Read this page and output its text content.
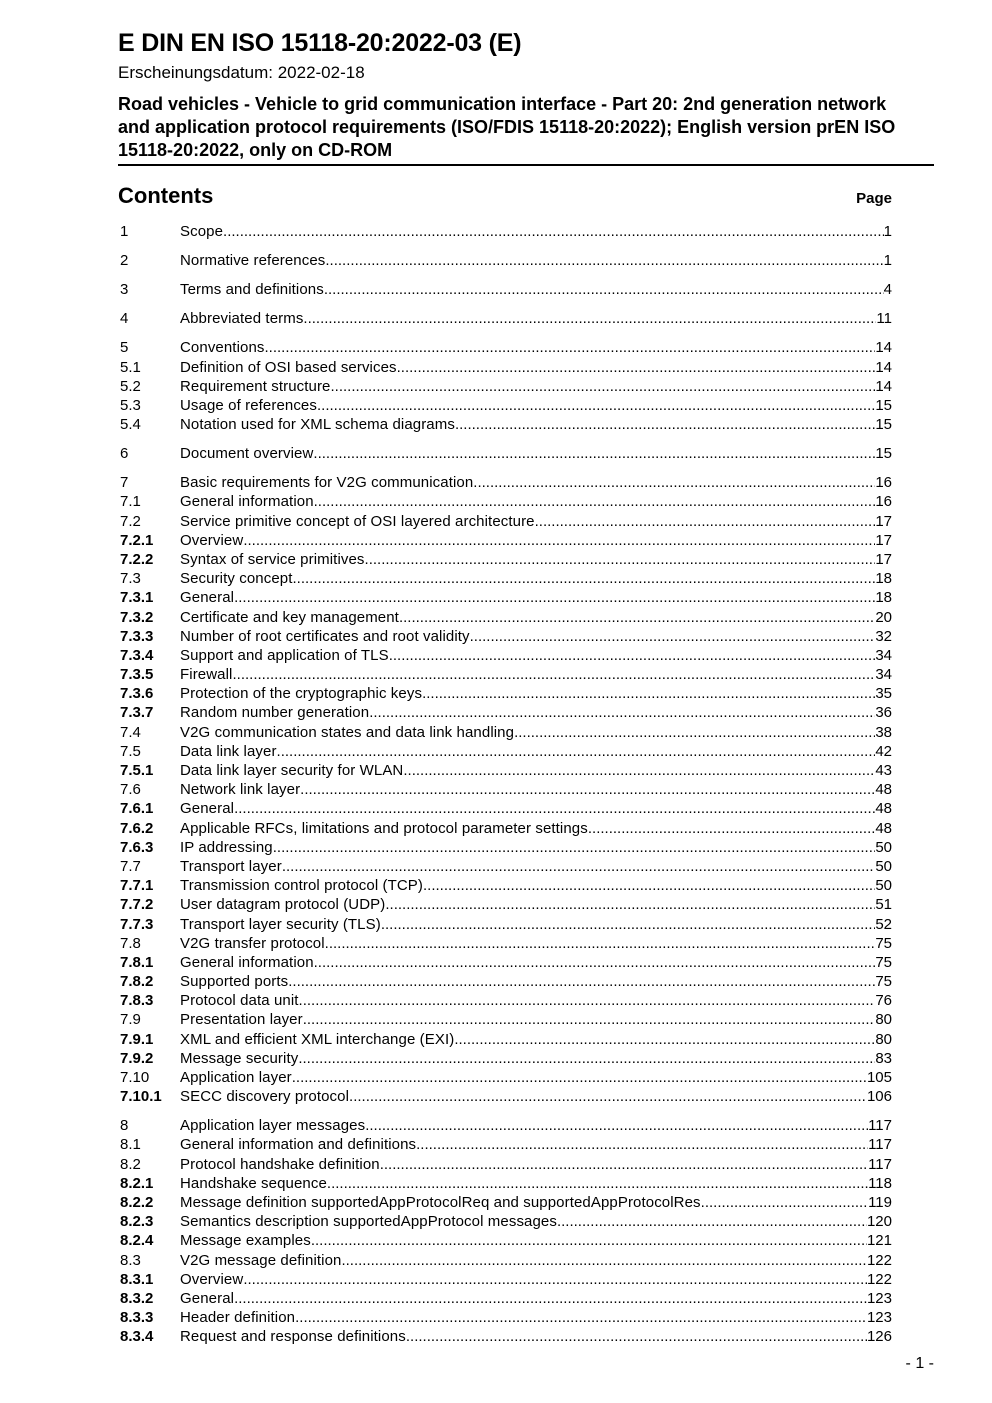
E DIN EN ISO 15118-20:2022-03 (E)
Erscheinungsdatum: 2022-02-18
Road vehicles - Vehicle to grid communication interface - Part 20: 2nd generation network and application protocol requirements (ISO/FDIS 15118-20:2022); English version prEN ISO 15118-20:2022, only on CD-ROM
Contents	Page
1	Scope .....	1
2	Normative references .....	1
3	Terms and definitions .....	4
4	Abbreviated terms .....	11
5	Conventions .....	14
5.1	Definition of OSI based services .....	14
5.2	Requirement structure .....	14
5.3	Usage of references .....	15
5.4	Notation used for XML schema diagrams .....	15
6	Document overview .....	15
7	Basic requirements for V2G communication .....	16
7.1	General information .....	16
7.2	Service primitive concept of OSI layered architecture .....	17
7.2.1 Overview .....	17
7.2.2 Syntax of service primitives .....	17
7.3	Security concept .....	18
7.3.1 General .....	18
7.3.2 Certificate and key management .....	20
7.3.3 Number of root certificates and root validity .....	32
7.3.4 Support and application of TLS .....	34
7.3.5 Firewall .....	34
7.3.6 Protection of the cryptographic keys .....	35
7.3.7 Random number generation .....	36
7.4	V2G communication states and data link handling .....	38
7.5	Data link layer .....	42
7.5.1 Data link layer security for WLAN .....	43
7.6	Network link layer .....	48
7.6.1 General .....	48
7.6.2 Applicable RFCs, limitations and protocol parameter settings .....	48
7.6.3 IP addressing .....	50
7.7	Transport layer .....	50
7.7.1 Transmission control protocol (TCP) .....	50
7.7.2 User datagram protocol (UDP) .....	51
7.7.3 Transport layer security (TLS) .....	52
7.8	V2G transfer protocol .....	75
7.8.1 General information .....	75
7.8.2 Supported ports .....	75
7.8.3 Protocol data unit .....	76
7.9	Presentation layer .....	80
7.9.1 XML and efficient XML interchange (EXI) .....	80
7.9.2 Message security .....	83
7.10 Application layer .....	105
7.10.1 SECC discovery protocol .....	106
8	Application layer messages .....	117
8.1	General information and definitions .....	117
8.2	Protocol handshake definition .....	117
8.2.1 Handshake sequence .....	118
8.2.2 Message definition supportedAppProtocolReq and supportedAppProtocolRes .....	119
8.2.3 Semantics description supportedAppProtocol messages .....	120
8.2.4 Message examples .....	121
8.3	V2G message definition .....	122
8.3.1 Overview .....	122
8.3.2 General .....	123
8.3.3 Header definition .....	123
8.3.4 Request and response definitions .....	126
- 1 -
